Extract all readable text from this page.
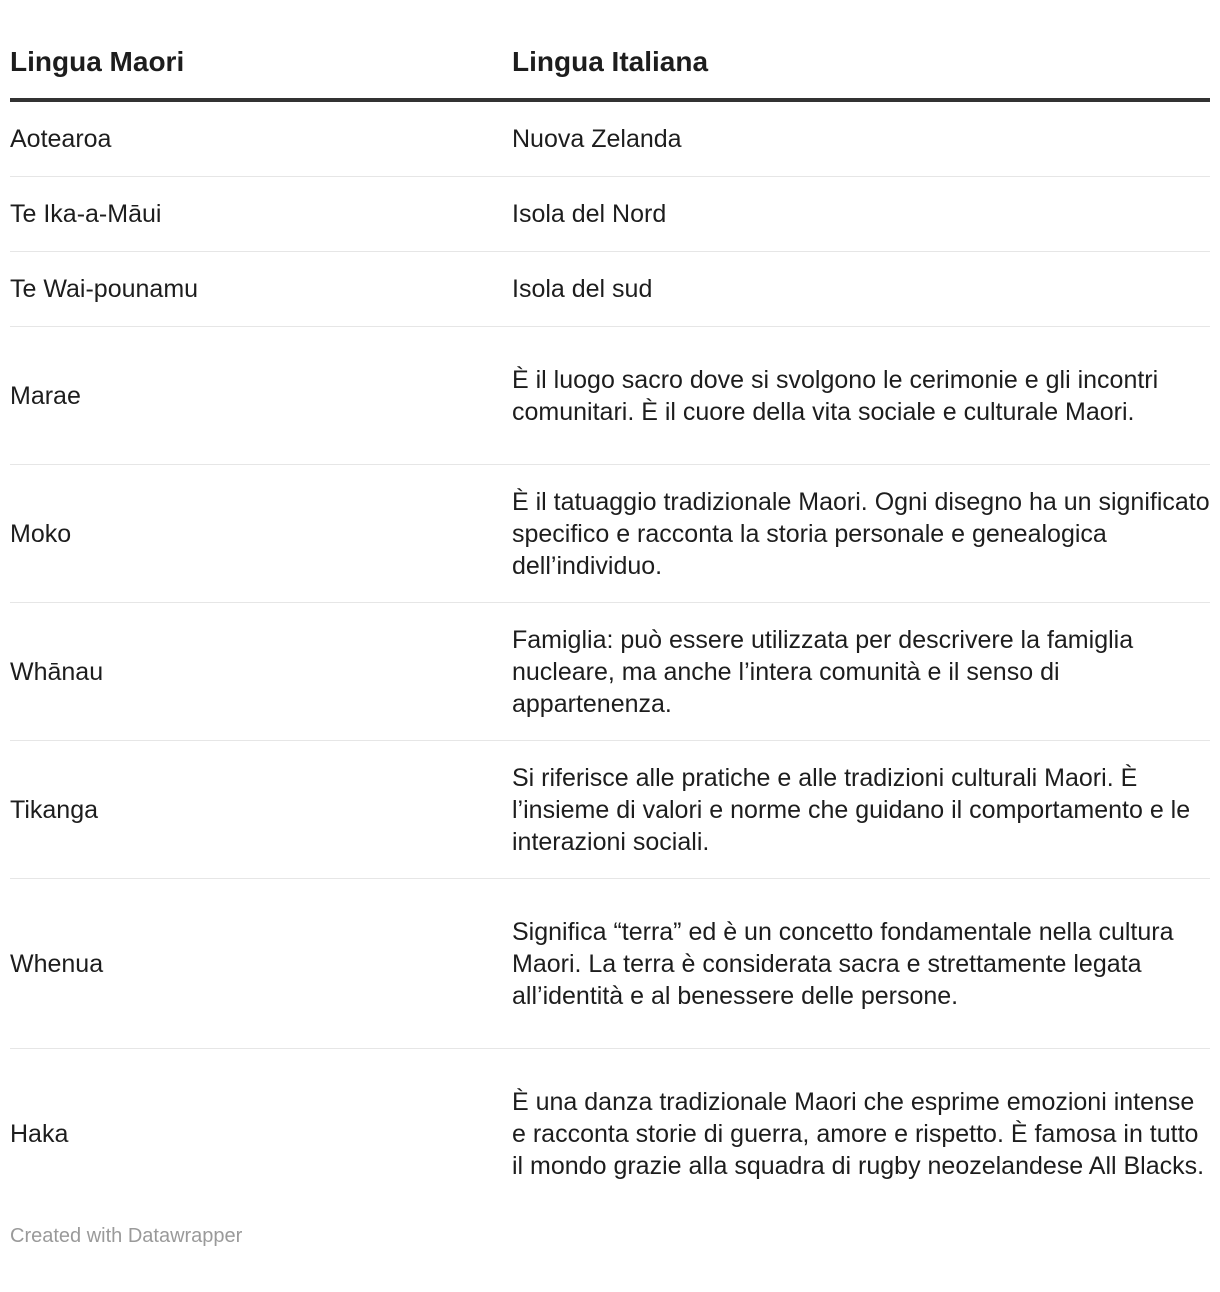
Lingua Maori	Lingua Italiana
Aotearoa	Nuova Zelanda
Te Ika-a-Māui	Isola del Nord
Te Wai-pounamu	Isola del sud
Marae	È il luogo sacro dove si svolgono le cerimonie e gli incontri comunitari. È il cuore della vita sociale e culturale Maori.
Moko	È il tatuaggio tradizionale Maori. Ogni disegno ha un significato specifico e racconta la storia personale e genealogica dell’individuo.
Whānau	Famiglia: può essere utilizzata per descrivere la famiglia nucleare, ma anche l’intera comunità e il senso di appartenenza.
Tikanga	Si riferisce alle pratiche e alle tradizioni culturali Maori. È l’insieme di valori e norme che guidano il comportamento e le interazioni sociali.
Whenua	Significa “terra” ed è un concetto fondamentale nella cultura Maori. La terra è considerata sacra e strettamente legata all’identità e al benessere delle persone.
Haka	È una danza tradizionale Maori che esprime emozioni intense e racconta storie di guerra, amore e rispetto. È famosa in tutto il mondo grazie alla squadra di rugby neozelandese All Blacks.
Created with Datawrapper
